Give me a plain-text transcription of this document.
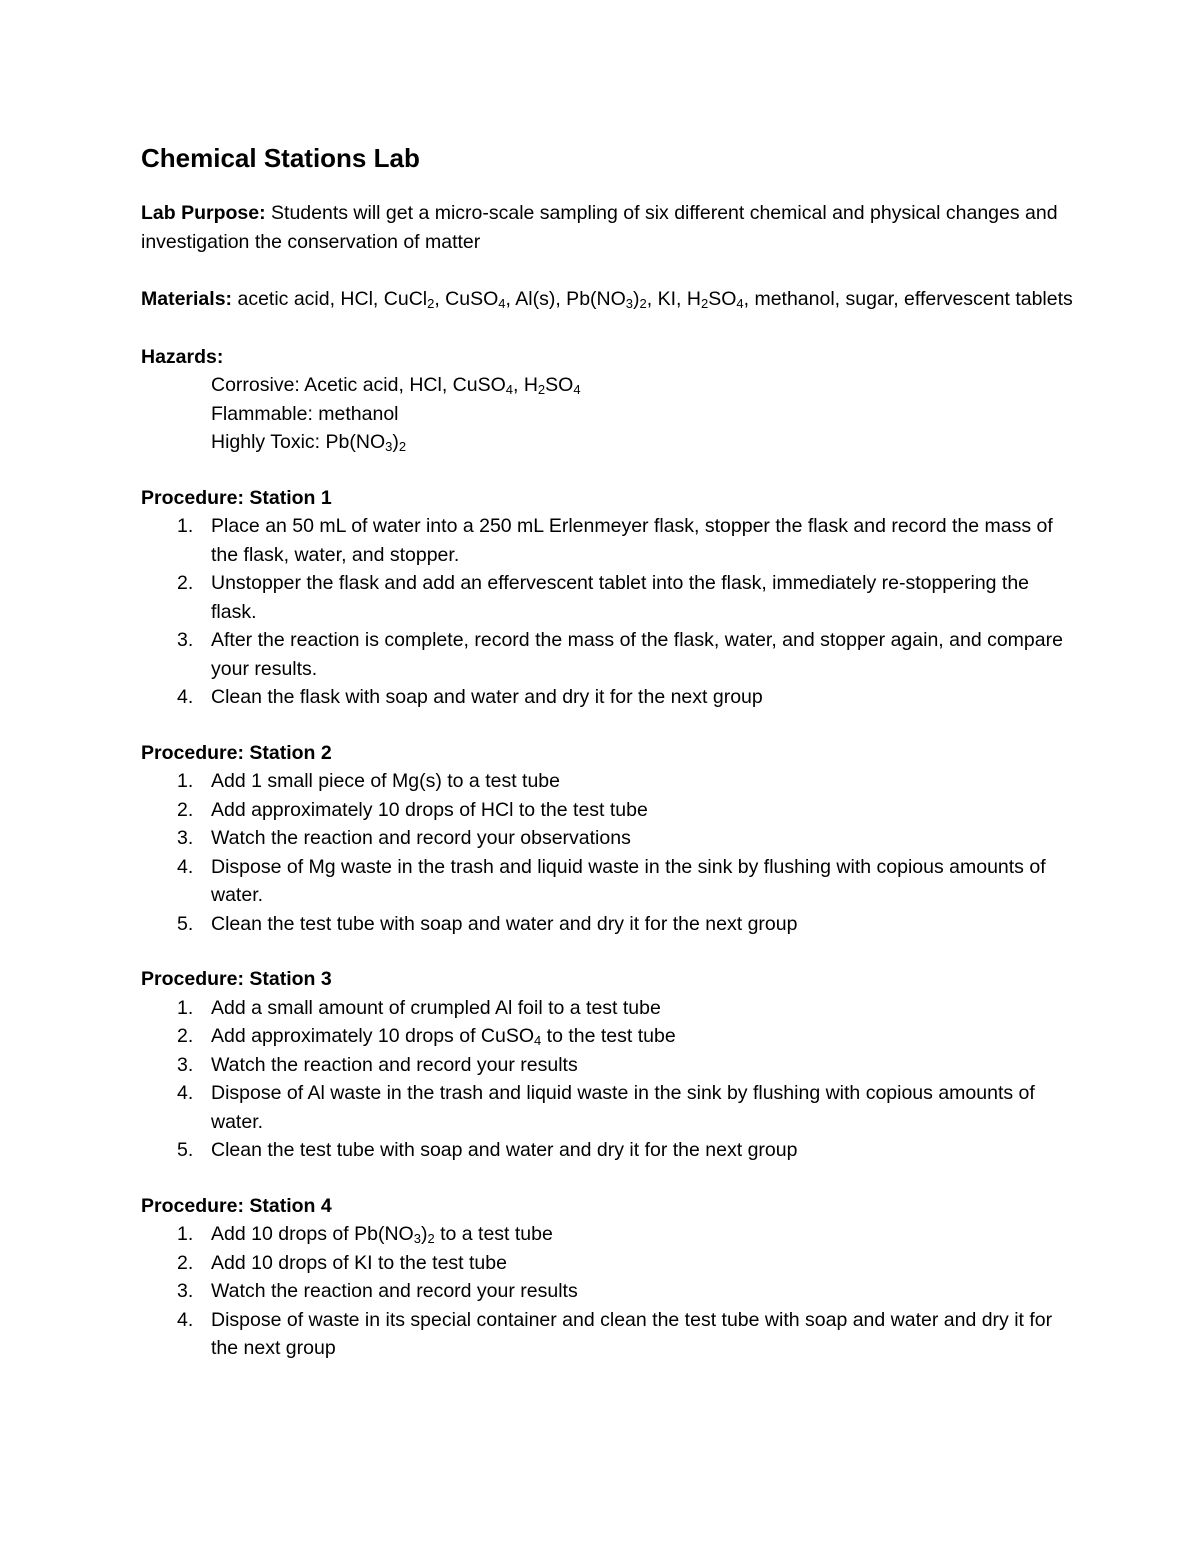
Chemical Stations Lab
Lab Purpose: Students will get a micro-scale sampling of six different chemical and physical changes and investigation the conservation of matter
Materials: acetic acid, HCl, CuCl$_2$, CuSO$_4$, Al(s), $Pb(NO_3)_2$, KI, $H_2SO_4$, methanol, sugar, effervescent tablets
Hazards:
Corrosive: Acetic acid, HCl, CuSO$_4$, $H_2SO_4$
Flammable: methanol
Highly Toxic: $Pb(NO_3)_2$
Procedure: Station 1
1. Place an 50 mL of water into a 250 mL Erlenmeyer flask, stopper the flask and record the mass of the flask, water, and stopper.
2. Unstopper the flask and add an effervescent tablet into the flask, immediately re-stoppering the flask.
3. After the reaction is complete, record the mass of the flask, water, and stopper again, and compare your results.
4. Clean the flask with soap and water and dry it for the next group
Procedure: Station 2
1. Add 1 small piece of Mg(s) to a test tube
2. Add approximately 10 drops of HCl to the test tube
3. Watch the reaction and record your observations
4. Dispose of Mg waste in the trash and liquid waste in the sink by flushing with copious amounts of water.
5. Clean the test tube with soap and water and dry it for the next group
Procedure: Station 3
1. Add a small amount of crumpled Al foil to a test tube
2. Add approximately 10 drops of CuSO$_4$ to the test tube
3. Watch the reaction and record your results
4. Dispose of Al waste in the trash and liquid waste in the sink by flushing with copious amounts of water.
5. Clean the test tube with soap and water and dry it for the next group
Procedure: Station 4
1. Add 10 drops of $Pb(NO_3)_2$ to a test tube
2. Add 10 drops of KI to the test tube
3. Watch the reaction and record your results
4. Dispose of waste in its special container and clean the test tube with soap and water and dry it for the next group
